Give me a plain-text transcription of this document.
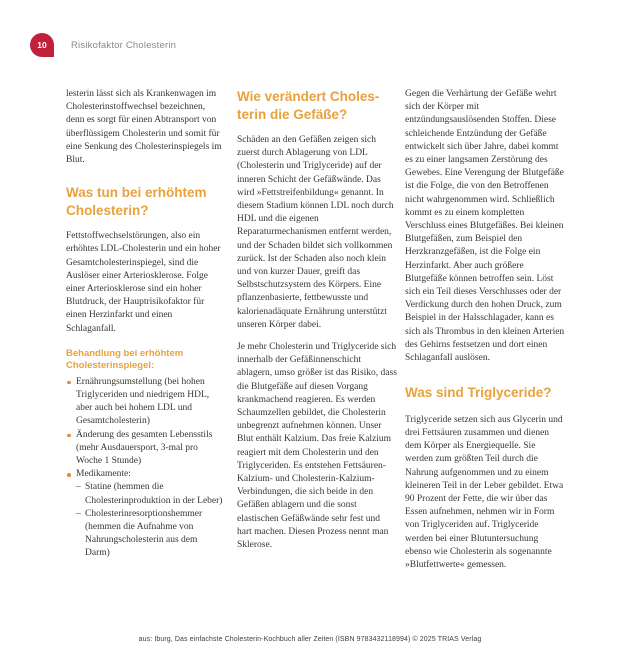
10	Risikofaktor Cholesterin

lesterin lässt sich als Krankenwagen im Cholesterinstoffwechsel bezeichnen, denn es sorgt für einen Abtransport von überflüssigem Cholesterin und somit für eine Senkung des Cholesterinspiegels im Blut.

Was tun bei erhöhtem Cholesterin?

Fettstoffwechselstörungen, also ein erhöhtes LDL-Cholesterin und ein hoher Gesamtcholesterinspiegel, sind die Auslöser einer Arteriosklerose. Folge einer Arteriosklerose sind ein hoher Blutdruck, der Hauptrisikofaktor für einen Herzinfarkt und einen Schlaganfall.

Behandlung bei erhöhtem Cholesterinspiegel:

Ernährungsumstellung (bei hohen Triglyceriden und niedrigem HDL, aber auch bei hohem LDL und Gesamtcholesterin)
Änderung des gesamten Lebensstils (mehr Ausdauersport, 3-mal pro Woche 1 Stunde)
Medikamente:
– Statine (hemmen die Cholesterinproduktion in der Leber)
– Cholesterinresorptionshemmer (hemmen die Aufnahme von Nahrungscholesterin aus dem Darm)
Wie verändert Cholesterin die Gefäße?

Schäden an den Gefäßen zeigen sich zuerst durch Ablagerung von LDL (Cholesterin und Triglyceride) auf der inneren Schicht der Gefäßwände. Das wird »Fettstreifenbildung« genannt. In diesem Stadium können LDL noch durch HDL und die eigenen Reparaturmechanismen entfernt werden, und der Schaden bildet sich vollkommen zurück. Ist der Schaden also noch klein und von kurzer Dauer, greift das Selbstschutzsystem des Körpers. Eine pflanzenbasierte, fettbewusste und kalorienadäquate Ernährung unterstützt unseren Körper dabei.

Je mehr Cholesterin und Triglyceride sich innerhalb der Gefäßinnenschicht ablagern, umso größer ist das Risiko, dass die Blutgefäße auf diesen Vorgang krankmachend reagieren. Es werden Schaumzellen gebildet, die Cholesterin unbegrenzt aufnehmen können. Unser Blut enthält Kalzium. Das freie Kalzium reagiert mit dem Cholesterin und den Triglyceriden. Es entstehen Fettsäuren-Kalzium- und Cholesterin-Kalzium-Verbindungen, die sich beide in den Gefäßen ablagern und die sonst elastischen Gefäßwände sehr fest und hart machen. Diesen Prozess nennt man Sklerose.

Gegen die Verhärtung der Gefäße wehrt sich der Körper mit entzündungsauslösenden Stoffen. Diese schleichende Entzündung der Gefäße entwickelt sich über Jahre, dabei kommt es zu einer langsamen Zerstörung des Gewebes. Eine Verengung der Blutgefäße ist die Folge, die von den Betroffenen nicht wahrgenommen wird. Schließlich kommt es zu einem kompletten Verschluss eines Blutgefäßes. Bei kleinen Blutgefäßen, zum Beispiel den Herzkranzgefäßen, ist die Folge ein Herzinfarkt. Aber auch größere Blutgefäße können betroffen sein. Löst sich ein Teil dieses Verschlusses oder der Verdickung durch den hohen Druck, zum Beispiel in der Halsschlagader, kann es sich als Thrombus in den kleinen Arterien des Gehirns festsetzen und dort einen Schlaganfall auslösen.

Was sind Triglyceride?

Triglyceride setzen sich aus Glycerin und drei Fettsäuren zusammen und dienen dem Körper als Energiequelle. Sie werden zum größten Teil durch die Nahrung aufgenommen und zu einem kleineren Teil in der Leber gebildet. Etwa 90 Prozent der Fette, die wir über das Essen aufnehmen, nehmen wir in Form von Triglyceriden auf. Triglyceride werden bei einer Blutuntersuchung ebenso wie Cholesterin als sogenannte »Blutfettwerte« gemessen.

aus: Iburg, Das einfachste Cholesterin-Kochbuch aller Zeiten (ISBN 9783432118994) © 2025 TRIAS Verlag
